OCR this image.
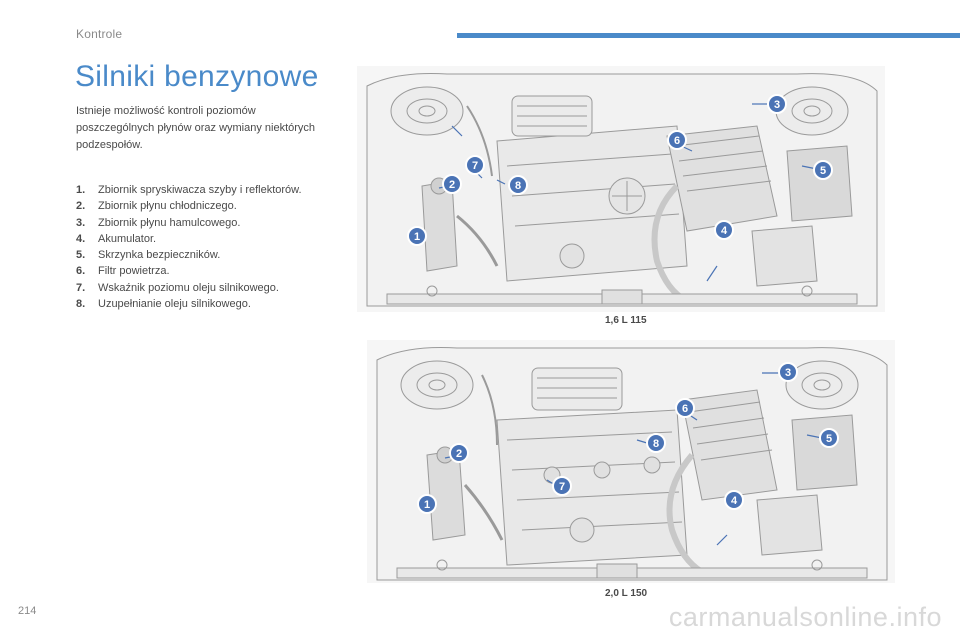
Kontrole
Silniki benzynowe
Istnieje możliwość kontroli poziomów poszczególnych płynów oraz wymiany niektórych podzespołów.
1. Zbiornik spryskiwacza szyby i reflektorów.
2. Zbiornik płynu chłodniczego.
3. Zbiornik płynu hamulcowego.
4. Akumulator.
5. Skrzynka bezpieczników.
6. Filtr powietrza.
7. Wskaźnik poziomu oleju silnikowego.
8. Uzupełnianie oleju silnikowego.
1
2
3
4
5
6
7
8
1,6 L 115
1
2
3
4
5
6
7
8
2,0 L 150
214	carmanualsonline.info
